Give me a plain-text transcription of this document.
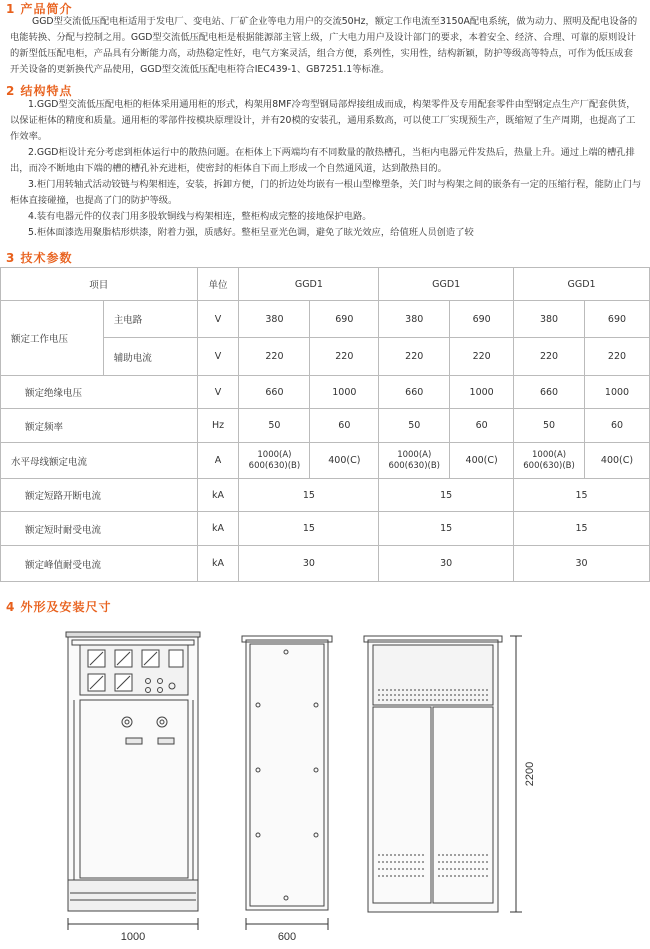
1 产品简介

GGD型交流低压配电柜适用于发电厂、变电站、厂矿企业等电力用户的交流50Hz，额定工作电流至3150A配电系统，做为动力、照明及配电设备的电能转换、分配与控制之用。GGD型交流低压配电柜是根据能源部主管上级，广大电力用户及设计部门的要求，本着安全、经济、合理、可靠的原则设计的新型低压配电柜，产品具有分断能力高，动热稳定性好，电气方案灵活，组合方便，系列性，实用性，结构新颖，防护等级高等特点，可作为低压成套开关设备的更新换代产品使用，GGD型交流低压配电柜符合IEC439-1、GB7251.1等标准。

2 结构特点

1.GGD型交流低压配电柜的柜体采用通用柜的形式，构架用8MF冷弯型钢局部焊接组成而成，构架零件及专用配套零件由型钢定点生产厂配套供货，以保证柜体的精度和质量。通用柜的零部件按模块原理设计，并有20模的安装孔，通用系数高，可以使工厂实现预生产，既缩短了生产周期，也提高了工作效率。

2.GGD柜设计充分考虑到柜体运行中的散热问题。在柜体上下两端均有不同数量的散热槽孔，当柜内电器元件发热后，热量上升。通过上端的槽孔排出，而冷不断地由下端的槽的槽孔补充进柜，使密封的柜体自下而上形成一个自然通风道，达到散热目的。

3.柜门用转轴式活动铰链与构架相连，安装，拆卸方便，门的折边处均嵌有一根山型橡塑条，关门时与构架之间的嵌条有一定的压缩行程，能防止门与柜体直接碰撞，也提高了门的防护等级。

4.装有电器元件的仪表门用多股软铜线与构架相连，整柜构成完整的接地保护电路。

5.柜体面漆选用聚脂桔形烘漆，附着力强，质感好。整柜呈亚光色调，避免了眩光效应，给值班人员创造了较

3 技术参数
项目		单位	GGD1		GGD1		GGD1	
额定工作电压	主电路	V	380	690	380	690	380	690
	辅助电流	V	220	220	220	220	220	220
额定绝缘电压		V	660	1000	660	1000	660	1000
额定频率		Hz	50	60	50	60	50	60
水平母线额定电流		A	1000(A)
600(630)(B)	400(C)	1000(A)
600(630)(B)	400(C)	1000(A)
600(630)(B)	400(C)
额定短路开断电流		kA	15		15		15	
额定短时耐受电流		kA	15		15		15	
额定峰值耐受电流		kA	30		30		30	
4 外形及安装尺寸
1000	600
2200
